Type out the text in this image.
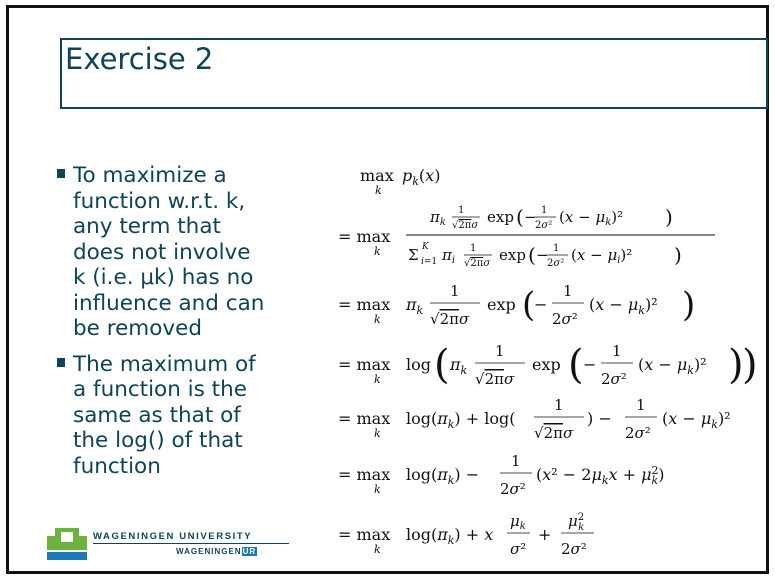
Exercise 2
To maximize a
function w.r.t. k,
any term that
does not involve
k (i.e. μk) has no
influence and can
be removed
The maximum of
a function is the
same as that of
the log() of that
function
max
k
$p_k(x)$
= max
k
$\pi_k$
1
√2πσ exp ( − 1
2σ² $(x - \mu_k)^2$ )
Σ K
i=1 $\pi_i$
1
√2πσ exp ( − 1
2σ² $(x - \mu_i)^2$ )
= max
k
$\pi_k$
1
√2πσ
exp (
−
1
2σ²
$(x - \mu_k)^2$ )
= max
k
log ( $\pi_k$
1
√2πσ
exp ( −
1
2σ²
$(x - \mu_k)^2$ )
)
= max
k
$\log(\pi_k) + \log$(
1
√2πσ
) −
1
2σ²
$(x - \mu_k)^2$
= max
k
$\log(\pi_k)$ −
1
2σ²
($x^2 - 2\mu_kx + \mu^2$ k)
= max
k
$\log(\pi_k) + x$
$\mu_k$
σ²
+
$\mu^2$ k
2σ²
WAGENINGEN UNIVERSITY
WAGENINGENUR
